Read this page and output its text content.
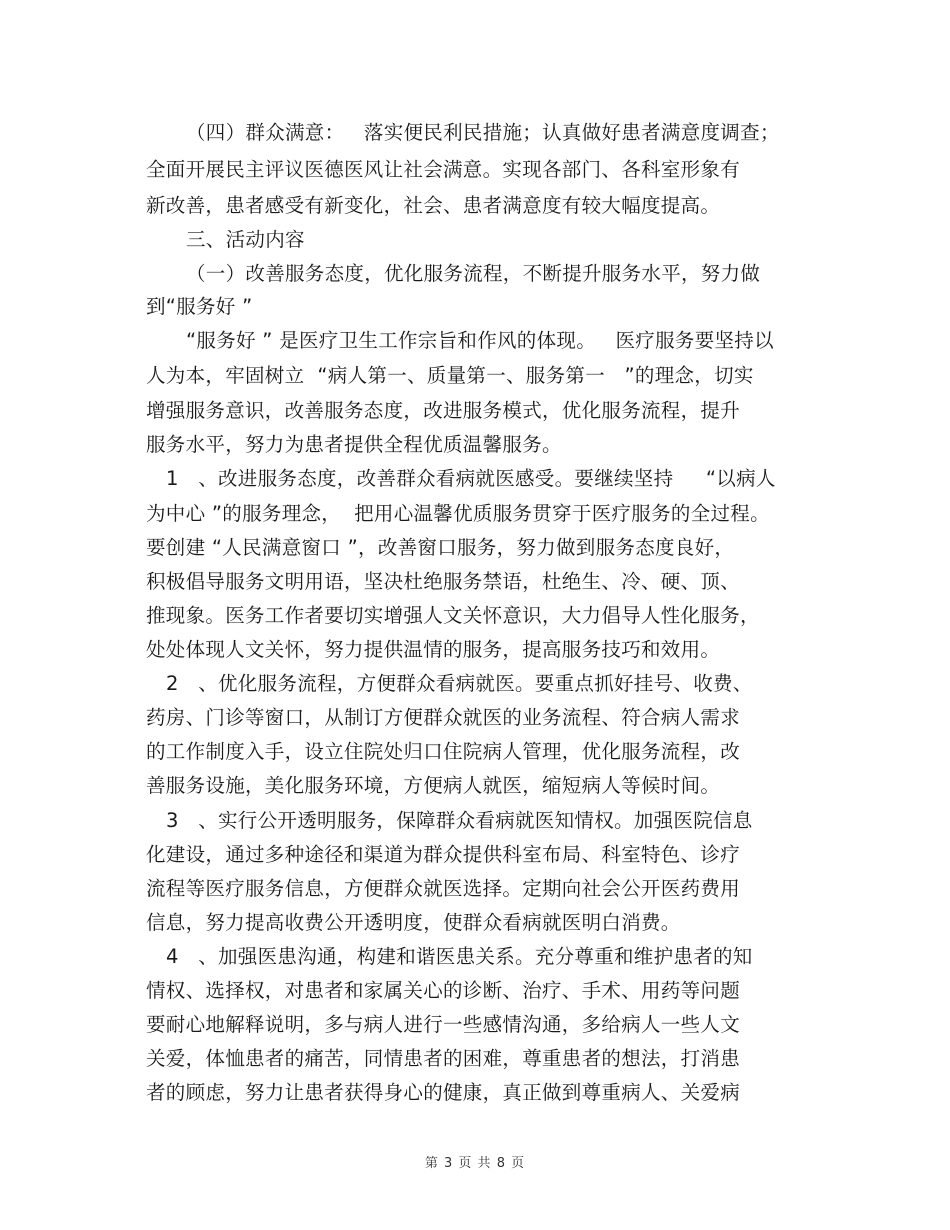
（四）群众满意：   落实便民利民措施；认真做好患者满意度调查；
全面开展民主评议医德医风让社会满意。实现各部门、各科室形象有
新改善，患者感受有新变化，社会、患者满意度有较大幅度提高。
三、活动内容
（一）改善服务态度，优化服务流程，不断提升服务水平，努力做
到“服务好 ”
“服务好 ” 是医疗卫生工作宗旨和作风的体现。   医疗服务要坚持以
人为本，牢固树立  “病人第一、质量第一、服务第一   ”的理念，切实
增强服务意识，改善服务态度，改进服务模式，优化服务流程，提升
服务水平，努力为患者提供全程优质温馨服务。
1   、改进服务态度，改善群众看病就医感受。要继续坚持     “以病人
为中心 ”的服务理念，  把用心温馨优质服务贯穿于医疗服务的全过程。
要创建 “人民满意窗口 ”，改善窗口服务，努力做到服务态度良好，
积极倡导服务文明用语，坚决杜绝服务禁语，杜绝生、冷、硬、顶、
推现象。医务工作者要切实增强人文关怀意识，大力倡导人性化服务，
处处体现人文关怀，努力提供温情的服务，提高服务技巧和效用。
2   、优化服务流程，方便群众看病就医。要重点抓好挂号、收费、
药房、门诊等窗口，从制订方便群众就医的业务流程、符合病人需求
的工作制度入手，设立住院处归口住院病人管理，优化服务流程，改
善服务设施，美化服务环境，方便病人就医，缩短病人等候时间。
3   、实行公开透明服务，保障群众看病就医知情权。加强医院信息
化建设，通过多种途径和渠道为群众提供科室布局、科室特色、诊疗
流程等医疗服务信息，方便群众就医选择。定期向社会公开医药费用
信息，努力提高收费公开透明度，使群众看病就医明白消费。
4   、加强医患沟通，构建和谐医患关系。充分尊重和维护患者的知
情权、选择权，对患者和家属关心的诊断、治疗、手术、用药等问题
要耐心地解释说明，多与病人进行一些感情沟通，多给病人一些人文
关爱，体恤患者的痛苦，同情患者的困难，尊重患者的想法，打消患
者的顾虑，努力让患者获得身心的健康，真正做到尊重病人、关爱病
第 3 页 共 8 页
